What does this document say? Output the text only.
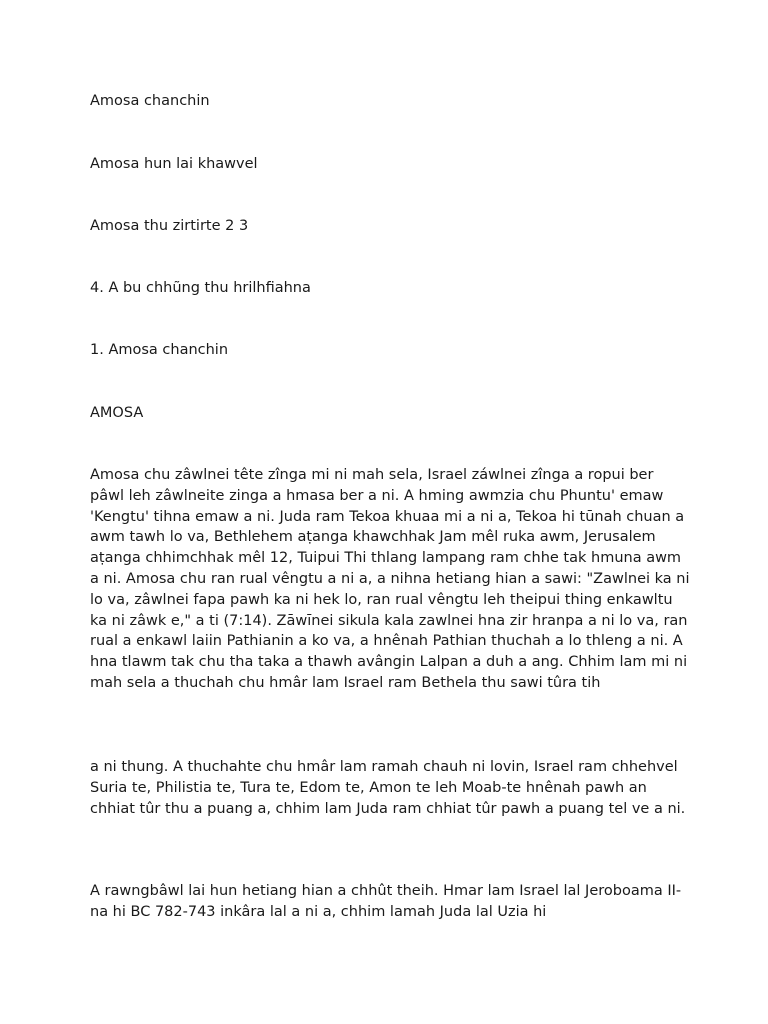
Amosa chanchin
Amosa hun lai khawvel
Amosa thu zirtirte 2 3
4. A bu chhũng thu hrilhfiahna
1. Amosa chanchin
AMOSA
Amosa chu zâwlnei tête zînga mi ni mah sela, Israel záwlnei zînga a ropui ber pâwl leh zâwlneite zinga a hmasa ber a ni. A hming awmzia chu Phuntu' emaw 'Kengtu' tihna emaw a ni. Juda ram Tekoa khuaa mi a ni a, Tekoa hi tūnah chuan a awm tawh lo va, Bethlehem aṭanga khawchhak Jam mêl ruka awm, Jerusalem aṭanga chhimchhak mêl 12, Tuipui Thi thlang lampang ram chhe tak hmuna awm a ni. Amosa chu ran rual vêngtu a ni a, a nihna hetiang hian a sawi: "Zawlnei ka ni lo va, zâwlnei fapa pawh ka ni hek lo, ran rual vêngtu leh theipui thing enkawltu ka ni zâwk e," a ti (7:14). Zāwīnei sikula kala zawlnei hna zir hranpa a ni lo va, ran rual a enkawl laiin Pathianin a ko va, a hnênah Pathian thuchah a lo thleng a ni. A hna tlawm tak chu tha taka a thawh avângin Lalpan a duh a ang. Chhim lam mi ni mah sela a thuchah chu hmâr lam Israel ram Bethela thu sawi tûra tih
a ni thung. A thuchahte chu hmâr lam ramah chauh ni lovin, Israel ram chhehvel Suria te, Philistia te, Tura te, Edom te, Amon te leh Moab-te hnênah pawh an chhiat tûr thu a puang a, chhim lam Juda ram chhiat tûr pawh a puang tel ve a ni.
A rawngbâwl lai hun hetiang hian a chhût theih. Hmar lam Israel lal Jeroboama II-na hi BC 782-743 inkâra lal a ni a, chhim lamah Juda lal Uzia hi
